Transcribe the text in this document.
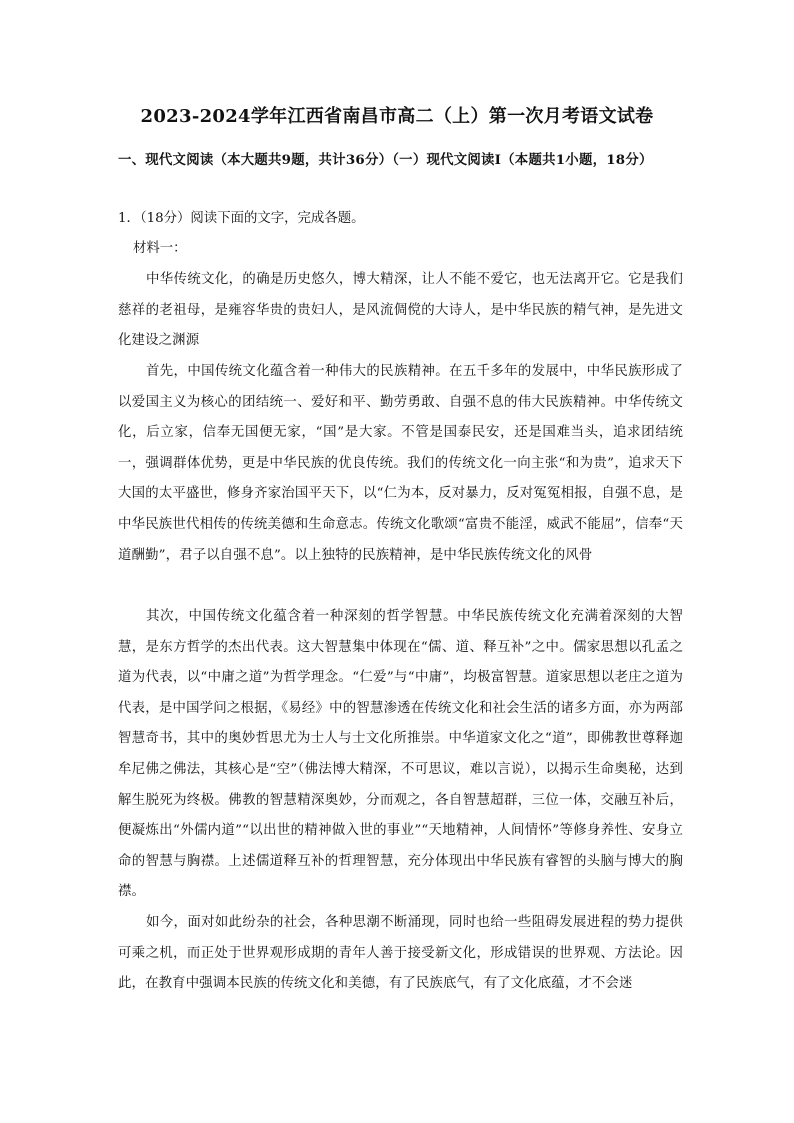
2023-2024学年江西省南昌市高二（上）第一次月考语文试卷
一、现代文阅读（本大题共9题，共计36分）（一）现代文阅读Ⅰ（本题共1小题，18分）
1．（18分）阅读下面的文字，完成各题。
材料一：

中华传统文化，的确是历史悠久，博大精深，让人不能不爱它，也无法离开它。它是我们慈祥的老祖母，是雍容华贵的贵妇人，是风流倜傥的大诗人，是中华民族的精气神，是先进文化建设之渊源

首先，中国传统文化蕴含着一种伟大的民族精神。在五千多年的发展中，中华民族形成了以爱国主义为核心的团结统一、爱好和平、勤劳勇敢、自强不息的伟大民族精神。中华传统文化，后立家，信奉无国便无家，“国”是大家。不管是国泰民安，还是国难当头，追求团结统一，强调群体优势，更是中华民族的优良传统。我们的传统文化一向主张“和为贵”，追求天下大国的太平盛世，修身齐家治国平天下，以“仁为本，反对暴力，反对冤冤相报，自强不息，是中华民族世代相传的传统美德和生命意志。传统文化歌颂“富贵不能淫，威武不能屈”，信奉“天道酬勤”，君子以自强不息”。以上独特的民族精神，是中华民族传统文化的风骨

其次，中国传统文化蕴含着一种深刻的哲学智慧。中华民族传统文化充满着深刻的大智慧，是东方哲学的杰出代表。这大智慧集中体现在“儒、道、释互补”之中。儒家思想以孔孟之道为代表，以“中庸之道”为哲学理念。“仁爱”与“中庸”，均极富智慧。道家思想以老庄之道为代表，是中国学问之根据，《易经》中的智慧渗透在传统文化和社会生活的诸多方面，亦为两部智慧奇书，其中的奥妙哲思尤为士人与士文化所推崇。中华道家文化之“道”，即佛教世尊释迦牟尼佛之佛法，其核心是“空”（佛法博大精深，不可思议，难以言说），以揭示生命奥秘，达到解生脱死为终极。佛教的智慧精深奥妙，分而观之，各自智慧超群，三位一体，交融互补后，便凝炼出“外儒内道”“以出世的精神做入世的事业”“天地精神，人间情怀”等修身养性、安身立命的智慧与胸襟。上述儒道释互补的哲理智慧，充分体现出中华民族有睿智的头脑与博大的胸襟。

如今，面对如此纷杂的社会，各种思潮不断涌现，同时也给一些阻碍发展进程的势力提供可乘之机，而正处于世界观形成期的青年人善于接受新文化，形成错误的世界观、方法论。因此，在教育中强调本民族的传统文化和美德，有了民族底气，有了文化底蕴，才不会迷
